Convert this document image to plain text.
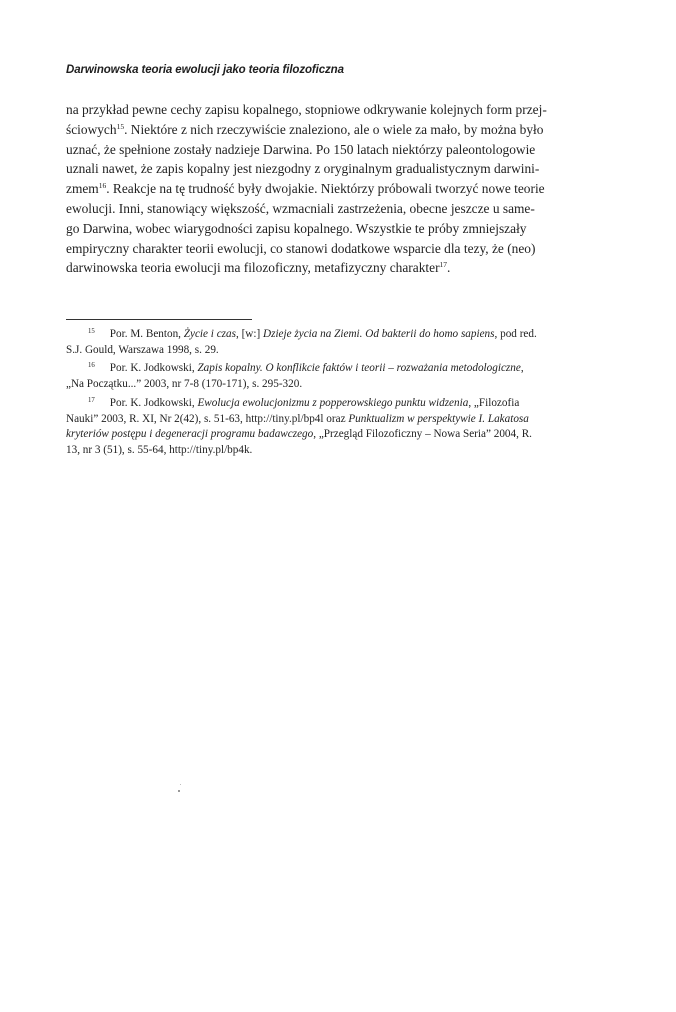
Darwinowska teoria ewolucji jako teoria filozoficzna
na przykład pewne cechy zapisu kopalnego, stopniowe odkrywanie kolejnych form przej-
ściowych$^{15}$. Niektóre z nich rzeczywiście znaleziono, ale o wiele za mało, by można było
uznać, że spełnione zostały nadzieje Darwina. Po 150 latach niektórzy paleontologowie
uznali nawet, że zapis kopalny jest niezgodny z oryginalnym gradualistycznym darwini-
zmem$^{16}$. Reakcje na tę trudność były dwojakie. Niektórzy próbowali tworzyć nowe teorie
ewolucji. Inni, stanowiący większość, wzmacniali zastrzeżenia, obecne jeszcze u same-
go Darwina, wobec wiarygodności zapisu kopalnego. Wszystkie te próby zmniejszały
empiryczny charakter teorii ewolucji, co stanowi dodatkowe wsparcie dla tezy, że (neo)
darwinowska teoria ewolucji ma filozoficzny, metafizyczny charakter$^{17}$.

$^{15}$ Por. M. Benton, Życie i czas, [w:] Dzieje życia na Ziemi. Od bakterii do homo sapiens, pod red.

S.J. Gould, Warszawa 1998, s. 29.

$^{16}$ Por. K. Jodkowski, Zapis kopalny. O konflikcie faktów i teorii – rozważania metodologiczne,

„Na Początku...” 2003, nr 7-8 (170-171), s. 295-320.

$^{17}$ Por. K. Jodkowski, Ewolucja ewolucjonizmu z popperowskiego punktu widzenia, „Filozofia

Nauki” 2003, R. XI, Nr 2(42), s. 51-63, http://tiny.pl/bp4l oraz Punktualizm w perspektywie I. Lakatosa

kryteriów postępu i degeneracji programu badawczego, „Przegląd Filozoficzny – Nowa Seria” 2004, R.

13, nr 3 (51), s. 55-64, http://tiny.pl/bp4k.
